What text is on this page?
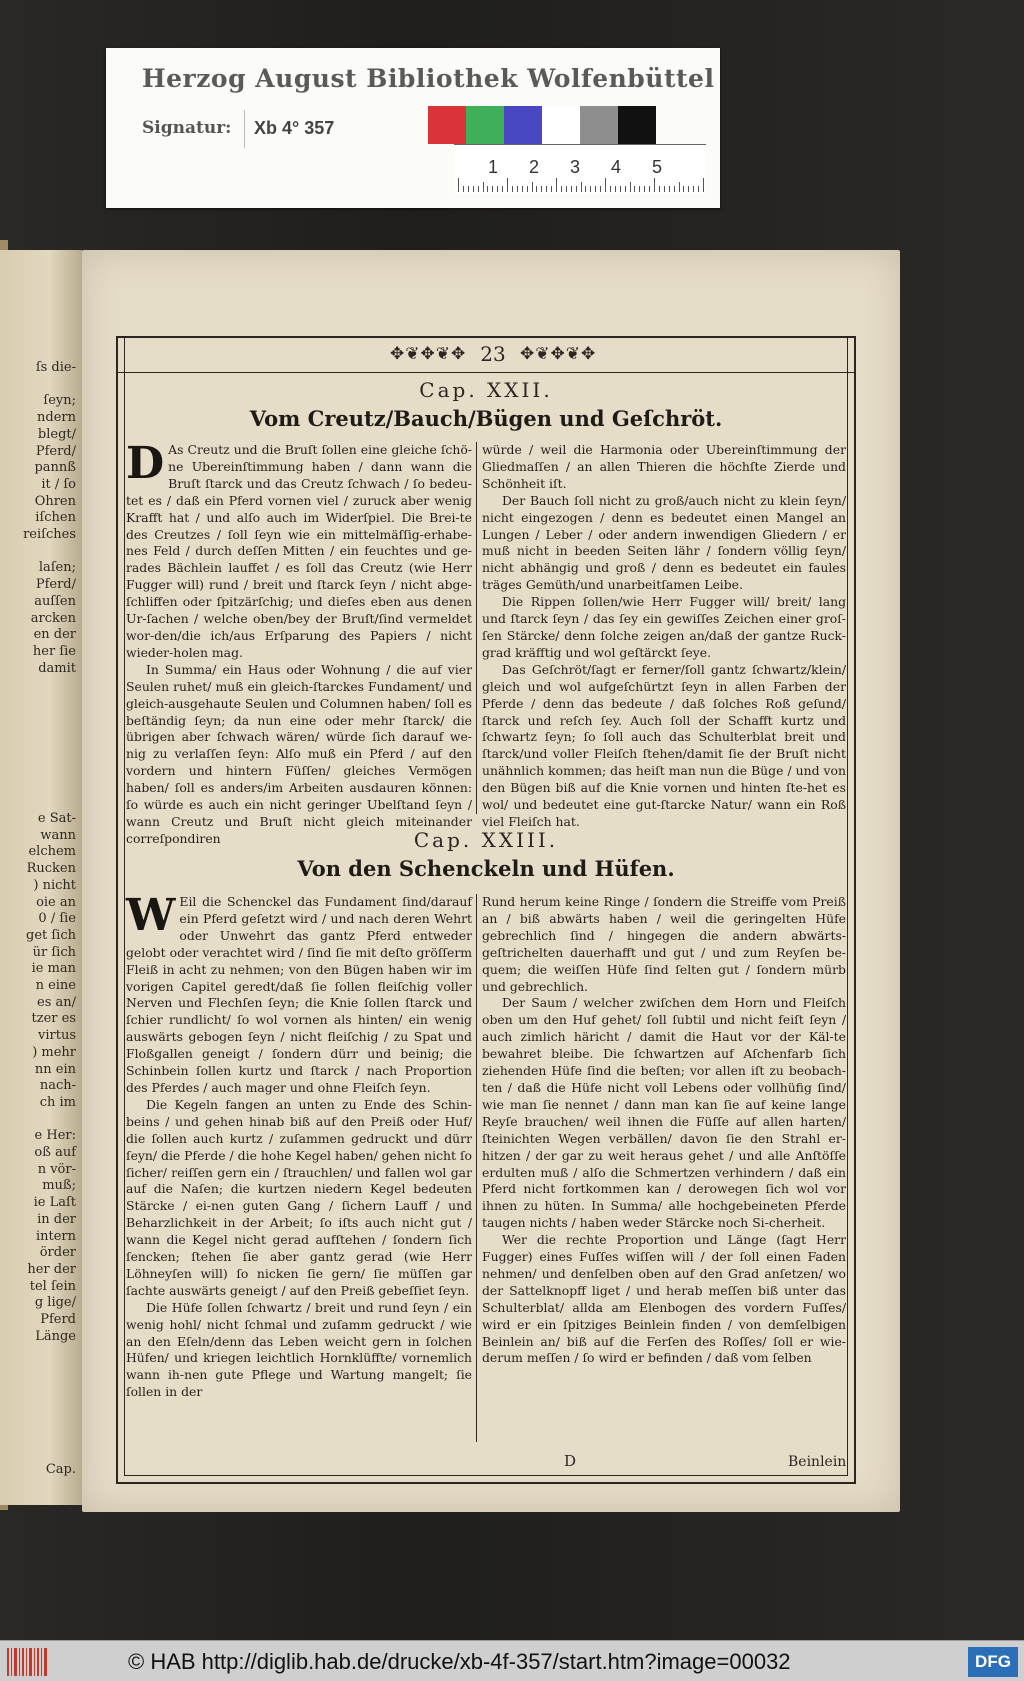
ſs die-

ſeyn;
ndern
blegt/
Pferd/
pannß
it / ſo
Ohren
iſchen
reiſches

laſen;
Pferd/
auſſen
arcken
en der
her ſie
damit

e Sat-
wann
elchem
Rucken
) nicht
oie an
0 / ſie
get ſich
ür ſich
ie man
n eine
es an/
tzer es
virtus
) mehr
nn ein
nach-
ch im

e Her:
oß auf
n vör-
muß;
ie Laſt
in der
intern
örder
her der
tel ſein
g lige/
Pferd
Länge

Cap.
✥❦✥❦✥ 23 ✥❦✥❦✥
Cap. XXII.
Vom Creutz/Bauch/Bügen und Geſchröt.

D As Creutz und die Bruſt ſollen eine gleiche ſchö-ne Ubereinſtimmung haben / dann wann die Bruſt ſtarck und das Creutz ſchwach / ſo bedeu-tet es / daß ein Pferd vornen viel / zuruck aber wenig Krafft hat / und alſo auch im Widerſpiel. Die Brei-te des Creutzes / ſoll ſeyn wie ein mittelmäſſig-erhabe-nes Feld / durch deſſen Mitten / ein feuchtes und ge-rades Bächlein lauffet / es ſoll das Creutz (wie Herr Fugger will) rund / breit und ſtarck ſeyn / nicht abge-ſchliffen oder ſpitzärſchig; und dieſes eben aus denen Ur-ſachen / welche oben/bey der Bruſt/ſind vermeldet wor-den/die ich/aus Erſparung des Papiers / nicht wieder-holen mag.

In Summa/ ein Haus oder Wohnung / die auf vier Seulen ruhet/ muß ein gleich-ſtarckes Fundament/ und gleich-ausgehaute Seulen und Columnen haben/ ſoll es beſtändig ſeyn; da nun eine oder mehr ſtarck/ die übrigen aber ſchwach wären/ würde ſich darauf we-nig zu verlaſſen ſeyn: Alſo muß ein Pferd / auf den vordern und hintern Füſſen/ gleiches Vermögen haben/ ſoll es anders/im Arbeiten ausdauren können: ſo würde es auch ein nicht geringer Ubelſtand ſeyn / wann Creutz und Bruſt nicht gleich miteinander correſpondiren

würde / weil die Harmonia oder Ubereinſtimmung der Gliedmaſſen / an allen Thieren die höchſte Zierde und Schönheit iſt.

Der Bauch ſoll nicht zu groß/auch nicht zu klein ſeyn/ nicht eingezogen / denn es bedeutet einen Mangel an Lungen / Leber / oder andern inwendigen Gliedern / er muß nicht in beeden Seiten lähr / ſondern völlig ſeyn/ nicht abhängig und groß / denn es bedeutet ein faules träges Gemüth/und unarbeitſamen Leibe.

Die Rippen ſollen/wie Herr Fugger will/ breit/ lang und ſtarck ſeyn / das ſey ein gewiſſes Zeichen einer groſ-ſen Stärcke/ denn ſolche zeigen an/daß der gantze Ruck-grad kräfftig und wol geſtärckt ſeye.

Das Geſchröt/ſagt er ferner/ſoll gantz ſchwartz/klein/ gleich und wol aufgeſchürtzt ſeyn in allen Farben der Pferde / denn das bedeute / daß ſolches Roß geſund/ ſtarck und reſch ſey. Auch ſoll der Schafft kurtz und ſchwartz ſeyn; ſo ſoll auch das Schulterblat breit und ſtarck/und voller Fleiſch ſtehen/damit ſie der Bruſt nicht unähnlich kommen; das heiſt man nun die Büge / und von den Bügen biß auf die Knie vornen und hinten ſte-het es wol/ und bedeutet eine gut-ſtarcke Natur/ wann ein Roß viel Fleiſch hat.

Cap. XXIII.
Von den Schenckeln und Hüfen.

W Eil die Schenckel das Fundament ſind/darauf ein Pferd geſetzt wird / und nach deren Wehrt oder Unwehrt das gantz Pferd entweder gelobt oder verachtet wird / ſind ſie mit deſto gröſſerm Fleiß in acht zu nehmen; von den Bügen haben wir im vorigen Capitel geredt/daß ſie ſollen fleiſchig voller Nerven und Flechſen ſeyn; die Knie ſollen ſtarck und ſchier rundlicht/ ſo wol vornen als hinten/ ein wenig auswärts gebogen ſeyn / nicht fleiſchig / zu Spat und Floßgallen geneigt / ſondern dürr und beinig; die Schinbein ſollen kurtz und ſtarck / nach Proportion des Pferdes / auch mager und ohne Fleiſch ſeyn.

Die Kegeln fangen an unten zu Ende des Schin-beins / und gehen hinab biß auf den Preiß oder Huf/ die ſollen auch kurtz / zuſammen gedruckt und dürr ſeyn/ die Pferde / die hohe Kegel haben/ gehen nicht ſo ſicher/ reiſſen gern ein / ſtrauchlen/ und fallen wol gar auf die Naſen; die kurtzen niedern Kegel bedeuten Stärcke / ei-nen guten Gang / ſichern Lauff / und Beharzlichkeit in der Arbeit; ſo iſts auch nicht gut / wann die Kegel nicht gerad aufſtehen / ſondern ſich ſencken; ſtehen ſie aber gantz gerad (wie Herr Löhneyſen will) ſo nicken ſie gern/ ſie müſſen gar ſachte auswärts geneigt / auf den Preiß gebeſſiet ſeyn.

Die Hüfe ſollen ſchwartz / breit und rund ſeyn / ein wenig hohl/ nicht ſchmal und zuſamm gedruckt / wie an den Eſeln/denn das Leben weicht gern in ſolchen Hüfen/ und kriegen leichtlich Hornklüffte/ vornemlich wann ih-nen gute Pflege und Wartung mangelt; ſie ſollen in der

Rund herum keine Ringe / ſondern die Streiffe vom Preiß an / biß abwärts haben / weil die geringelten Hüfe gebrechlich ſind / hingegen die andern abwärts-geſtrichelten dauerhafft und gut / und zum Reyſen be-quem; die weiſſen Hüfe ſind ſelten gut / ſondern mürb und gebrechlich.

Der Saum / welcher zwiſchen dem Horn und Fleiſch oben um den Huf gehet/ ſoll ſubtil und nicht feiſt ſeyn / auch zimlich häricht / damit die Haut vor der Käl-te bewahret bleibe. Die ſchwartzen auf Aſchenfarb ſich ziehenden Hüfe ſind die beſten; vor allen iſt zu beobach-ten / daß die Hüfe nicht voll Lebens oder vollhüfig ſind/ wie man ſie nennet / dann man kan ſie auf keine lange Reyſe brauchen/ weil ihnen die Füſſe auf allen harten/ ſteinichten Wegen verbällen/ davon ſie den Strahl er-hitzen / der gar zu weit heraus gehet / und alle Anſtöſſe erdulten muß / alſo die Schmertzen verhindern / daß ein Pferd nicht fortkommen kan / derowegen ſich wol vor ihnen zu hüten. In Summa/ alle hochgebeineten Pferde taugen nichts / haben weder Stärcke noch Si-cherheit.

Wer die rechte Proportion und Länge (ſagt Herr Fugger) eines Fuſſes wiſſen will / der ſoll einen Faden nehmen/ und denſelben oben auf den Grad anſetzen/ wo der Sattelknopff liget / und herab meſſen biß unter das Schulterblat/ allda am Elenbogen des vordern Fuſſes/ wird er ein ſpitziges Beinlein finden / von demſelbigen Beinlein an/ biß auf die Ferſen des Roſſes/ ſoll er wie-derum meſſen / ſo wird er befinden / daß vom ſelben

D	Beinlein
Herzog August Bibliothek Wolfenbüttel
Signatur: Xb 4° 357
1 2 3 4 5
© HAB http://diglib.hab.de/drucke/xb-4f-357/start.htm?image=00032	DFG
